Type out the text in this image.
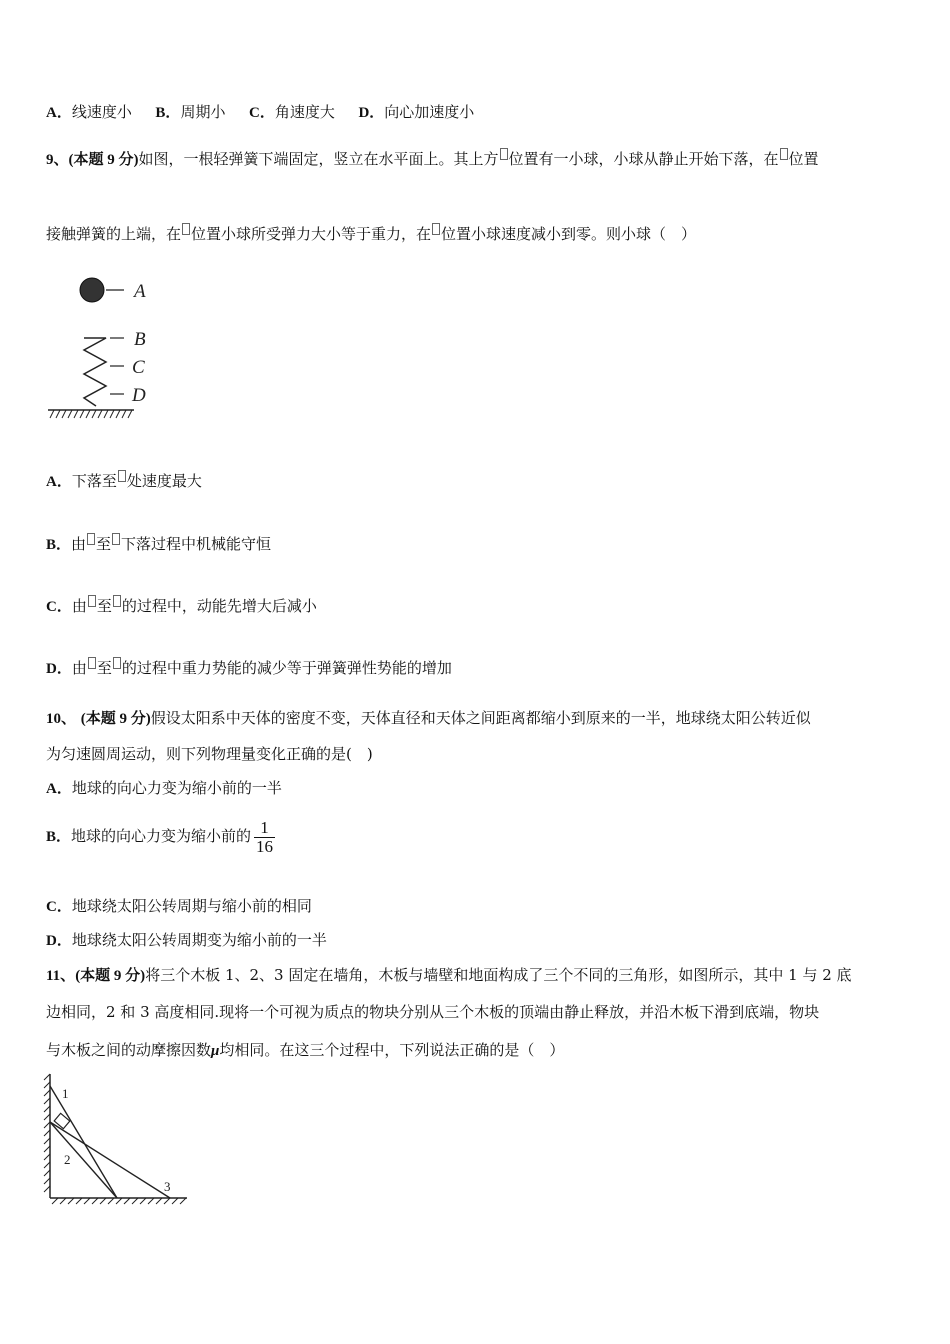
A．线速度小 B．周期小 C．角速度大 D．向心加速度小
9、(本题 9 分)如图，一根轻弹簧下端固定，竖立在水平面上。其上方 位置有一小球，小球从静止开始下落，在 位置
接触弹簧的上端，在 位置小球所受弹力大小等于重力，在 位置小球速度减小到零。则小球（　）
A
B
C
D
A．下落至 处速度最大
B．由 至 下落过程中机械能守恒
C．由 至 的过程中，动能先增大后减小
D．由 至 的过程中重力势能的减少等于弹簧弹性势能的增加
10、 (本题 9 分)假设太阳系中天体的密度不变，天体直径和天体之间距离都缩小到原来的一半，地球绕太阳公转近似
为匀速圆周运动，则下列物理量变化正确的是(　)
A．地球的向心力变为缩小前的一半
B．地球的向心力变为缩小前的 $\frac{1}{16}$
C．地球绕太阳公转周期与缩小前的相同
D．地球绕太阳公转周期变为缩小前的一半
11、(本题 9 分)将三个木板 1、2、3 固定在墙角，木板与墙壁和地面构成了三个不同的三角形，如图所示，其中 1 与 2 底
边相同，2 和 3 高度相同.现将一个可视为质点的物块分别从三个木板的顶端由静止释放，并沿木板下滑到底端，物块
与木板之间的动摩擦因数μ均相同。在这三个过程中，下列说法正确的是（　）
1
2
3
